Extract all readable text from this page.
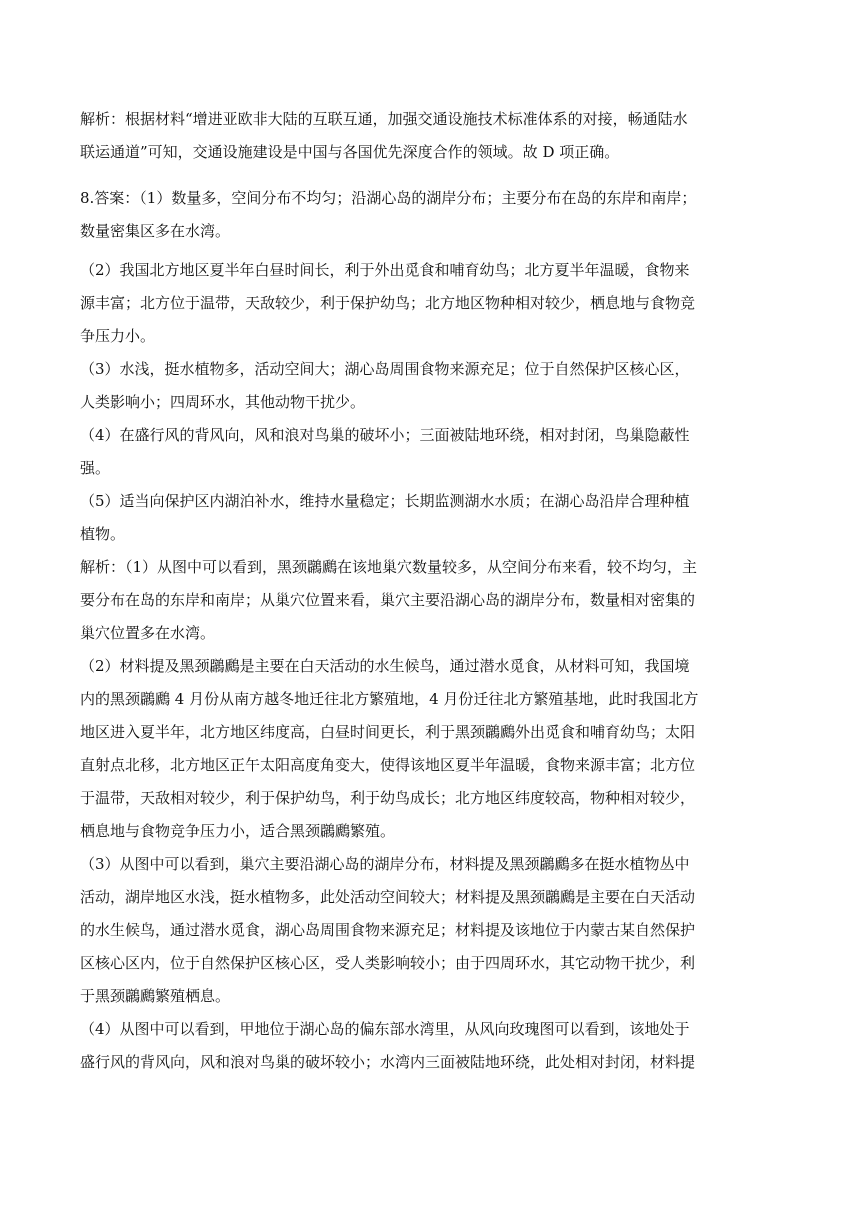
解析：根据材料“增进亚欧非大陆的互联互通，加强交通设施技术标准体系的对接，畅通陆水
联运通道”可知，交通设施建设是中国与各国优先深度合作的领域。故 D 项正确。

8.答案：（1）数量多，空间分布不均匀；沿湖心岛的湖岸分布；主要分布在岛的东岸和南岸；
数量密集区多在水湾。

（2）我国北方地区夏半年白昼时间长，利于外出觅食和哺育幼鸟；北方夏半年温暖，食物来
源丰富；北方位于温带，天敌较少，利于保护幼鸟；北方地区物种相对较少，栖息地与食物竞
争压力小。

（3）水浅，挺水植物多，活动空间大；湖心岛周围食物来源充足；位于自然保护区核心区，
人类影响小；四周环水，其他动物干扰少。

（4）在盛行风的背风向，风和浪对鸟巢的破坏小；三面被陆地环绕，相对封闭，鸟巢隐蔽性
强。

（5）适当向保护区内湖泊补水，维持水量稳定；长期监测湖水水质；在湖心岛沿岸合理种植
植物。

解析：（1）从图中可以看到，黑颈鸊鷉在该地巢穴数量较多，从空间分布来看，较不均匀，主
要分布在岛的东岸和南岸；从巢穴位置来看，巢穴主要沿湖心岛的湖岸分布，数量相对密集的
巢穴位置多在水湾。

（2）材料提及黑颈鸊鷉是主要在白天活动的水生候鸟，通过潜水觅食，从材料可知，我国境
内的黑颈鸊鷉 4 月份从南方越冬地迁往北方繁殖地，4 月份迁往北方繁殖基地，此时我国北方
地区进入夏半年，北方地区纬度高，白昼时间更长，利于黑颈鸊鷉外出觅食和哺育幼鸟；太阳
直射点北移，北方地区正午太阳高度角变大，使得该地区夏半年温暖，食物来源丰富；北方位
于温带，天敌相对较少，利于保护幼鸟，利于幼鸟成长；北方地区纬度较高，物种相对较少，
栖息地与食物竞争压力小，适合黑颈鸊鷉繁殖。

（3）从图中可以看到，巢穴主要沿湖心岛的湖岸分布，材料提及黑颈鸊鷉多在挺水植物丛中
活动，湖岸地区水浅，挺水植物多，此处活动空间较大；材料提及黑颈鸊鷉是主要在白天活动
的水生候鸟，通过潜水觅食，湖心岛周围食物来源充足；材料提及该地位于内蒙古某自然保护
区核心区内，位于自然保护区核心区，受人类影响较小；由于四周环水，其它动物干扰少，利
于黑颈鸊鷉繁殖栖息。

（4）从图中可以看到，甲地位于湖心岛的偏东部水湾里，从风向玫瑰图可以看到，该地处于
盛行风的背风向，风和浪对鸟巢的破坏较小；水湾内三面被陆地环绕，此处相对封闭，材料提
